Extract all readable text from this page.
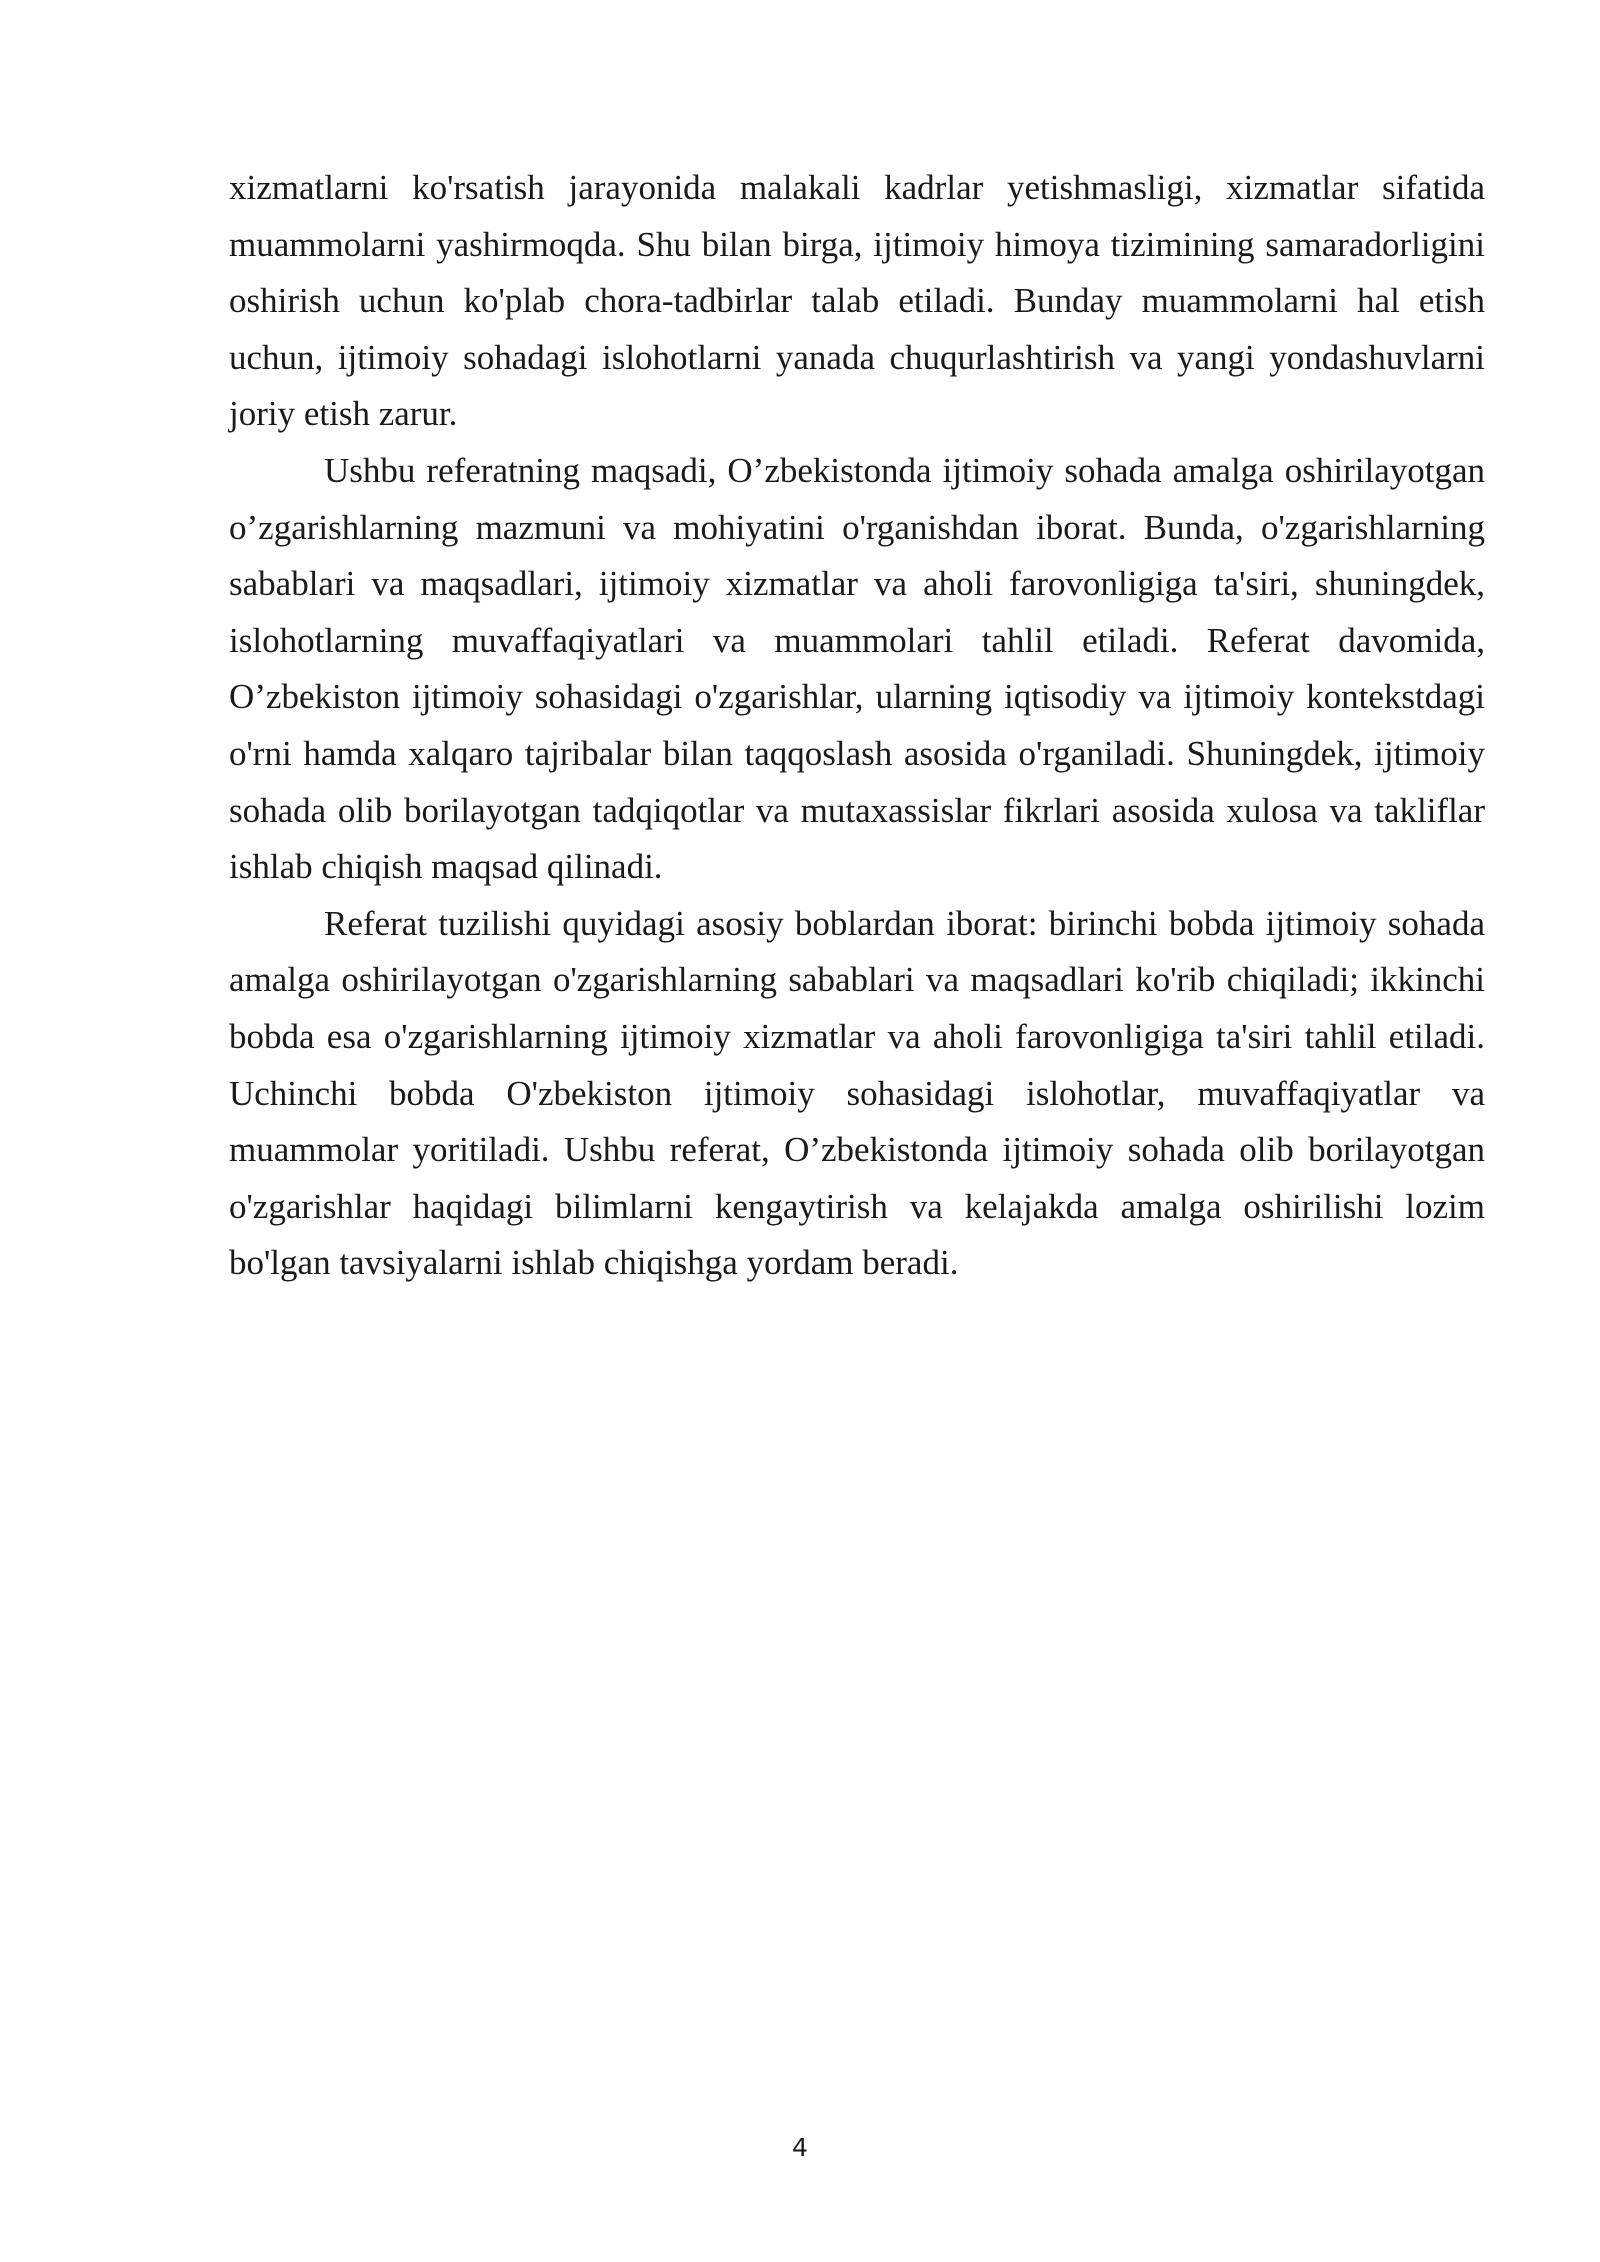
xizmatlarni ko'rsatish jarayonida malakali kadrlar yetishmasligi, xizmatlar sifatida muammolarni yashirmoqda. Shu bilan birga, ijtimoiy himoya tizimining samaradorligini oshirish uchun ko'plab chora-tadbirlar talab etiladi. Bunday muammolarni hal etish uchun, ijtimoiy sohadagi islohotlarni yanada chuqurlashtirish va yangi yondashuvlarni joriy etish zarur.

Ushbu referatning maqsadi, O’zbekistonda ijtimoiy sohada amalga oshirilayotgan o’zgarishlarning mazmuni va mohiyatini o'rganishdan iborat. Bunda, o'zgarishlarning sabablari va maqsadlari, ijtimoiy xizmatlar va aholi farovonligiga ta'siri, shuningdek, islohotlarning muvaffaqiyatlari va muammolari tahlil etiladi. Referat davomida, O’zbekiston ijtimoiy sohasidagi o'zgarishlar, ularning iqtisodiy va ijtimoiy kontekstdagi o'rni hamda xalqaro tajribalar bilan taqqoslash asosida o'rganiladi. Shuningdek, ijtimoiy sohada olib borilayotgan tadqiqotlar va mutaxassislar fikrlari asosida xulosa va takliflar ishlab chiqish maqsad qilinadi.

Referat tuzilishi quyidagi asosiy boblardan iborat: birinchi bobda ijtimoiy sohada amalga oshirilayotgan o'zgarishlarning sabablari va maqsadlari ko'rib chiqiladi; ikkinchi bobda esa o'zgarishlarning ijtimoiy xizmatlar va aholi farovonligiga ta'siri tahlil etiladi. Uchinchi bobda O'zbekiston ijtimoiy sohasidagi islohotlar, muvaffaqiyatlar va muammolar yoritiladi. Ushbu referat, O’zbekistonda ijtimoiy sohada olib borilayotgan o'zgarishlar haqidagi bilimlarni kengaytirish va kelajakda amalga oshirilishi lozim bo'lgan tavsiyalarni ishlab chiqishga yordam beradi.

4
